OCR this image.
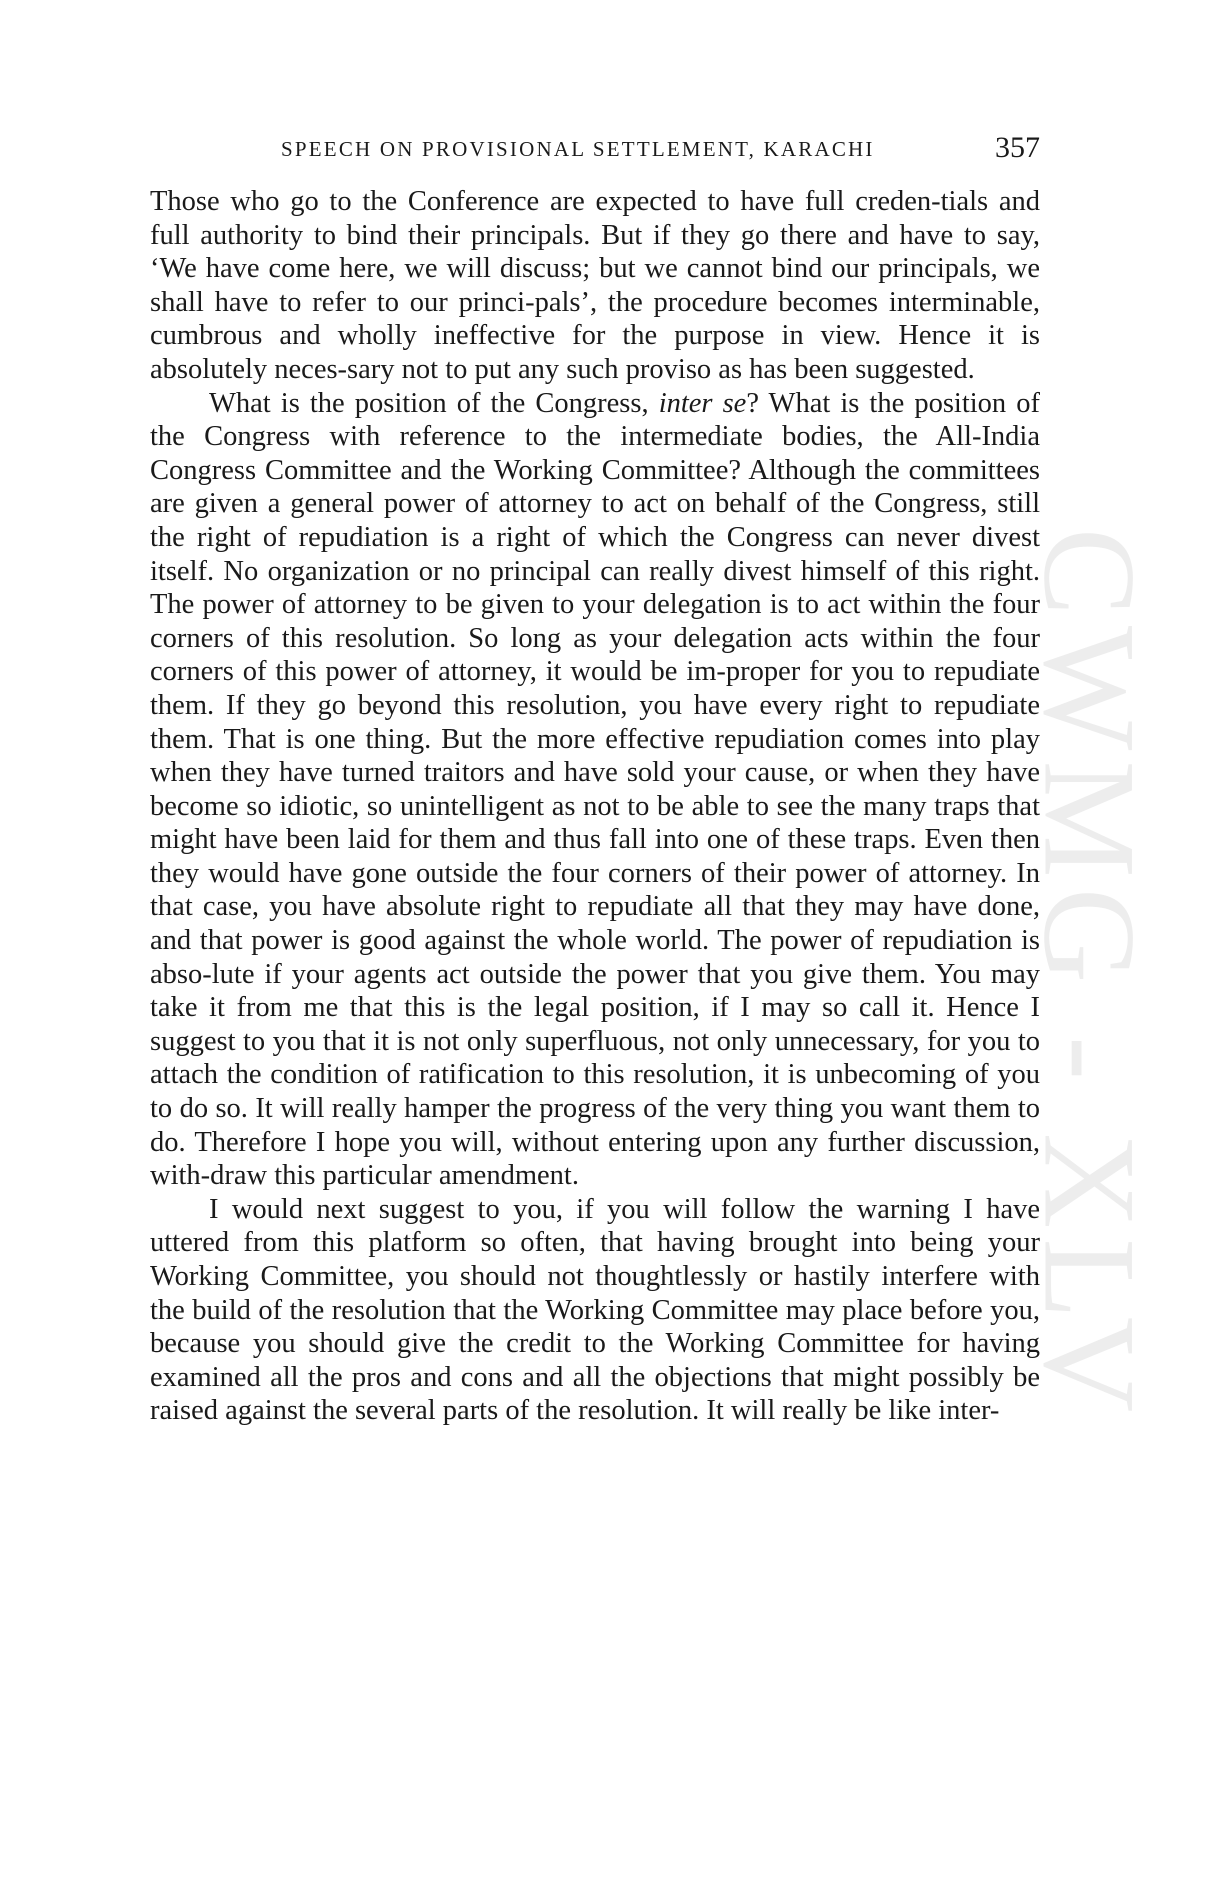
SPEECH ON PROVISIONAL SETTLEMENT, KARACHI	357
CWMG - XLV

Those who go to the Conference are expected to have full creden-tials and full authority to bind their principals. But if they go there and have to say, ‘We have come here, we will discuss; but we cannot bind our principals, we shall have to refer to our princi-pals’, the procedure becomes interminable, cumbrous and wholly ineffective for the purpose in view. Hence it is absolutely neces-sary not to put any such proviso as has been suggested.

What is the position of the Congress, inter se? What is the position of the Congress with reference to the intermediate bodies, the All-India Congress Committee and the Working Committee? Although the committees are given a general power of attorney to act on behalf of the Congress, still the right of repudiation is a right of which the Congress can never divest itself. No organization or no principal can really divest himself of this right. The power of attorney to be given to your delegation is to act within the four corners of this resolution. So long as your delegation acts within the four corners of this power of attorney, it would be im-proper for you to repudiate them. If they go beyond this resolution, you have every right to repudiate them. That is one thing. But the more effective repudiation comes into play when they have turned traitors and have sold your cause, or when they have become so idiotic, so unintelligent as not to be able to see the many traps that might have been laid for them and thus fall into one of these traps. Even then they would have gone outside the four corners of their power of attorney. In that case, you have absolute right to repudiate all that they may have done, and that power is good against the whole world. The power of repudiation is abso-lute if your agents act outside the power that you give them. You may take it from me that this is the legal position, if I may so call it. Hence I suggest to you that it is not only superfluous, not only unnecessary, for you to attach the condition of ratification to this resolution, it is unbecoming of you to do so. It will really hamper the progress of the very thing you want them to do. Therefore I hope you will, without entering upon any further discussion, with-draw this particular amendment.

I would next suggest to you, if you will follow the warning I have uttered from this platform so often, that having brought into being your Working Committee, you should not thoughtlessly or hastily interfere with the build of the resolution that the Working Committee may place before you, because you should give the credit to the Working Committee for having examined all the pros and cons and all the objections that might possibly be raised against the several parts of the resolution. It will really be like inter-
